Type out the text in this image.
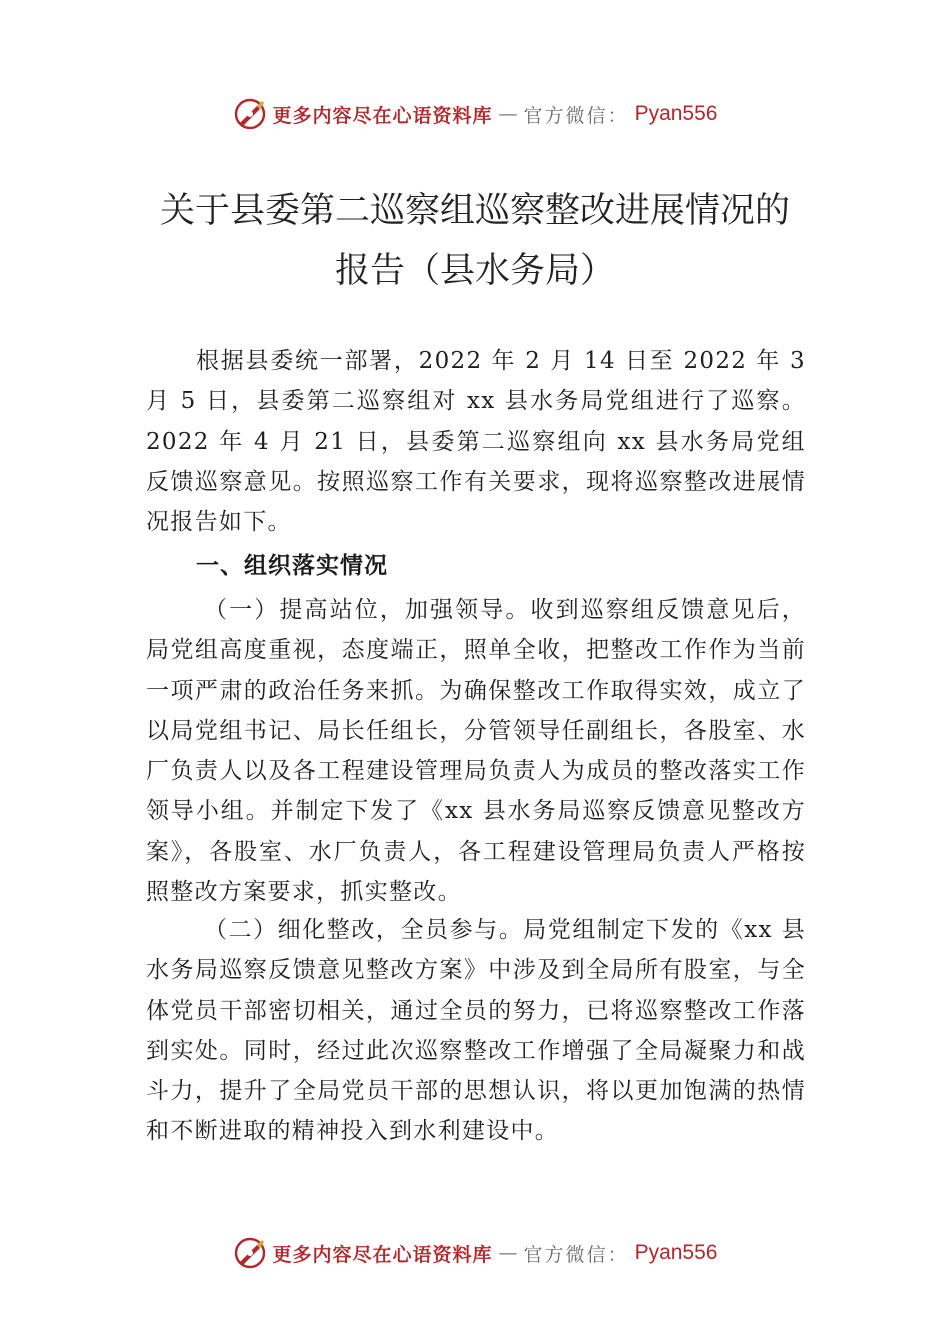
更多内容尽在心语资料库 — 官方微信： Pyan556
关于县委第二巡察组巡察整改进展情况的
报告（县水务局）

根据县委统一部署，2022 年 2 月 14 日至 2022 年 3 月 5 日，县委第二巡察组对 xx 县水务局党组进行了巡察。2022 年 4 月 21 日，县委第二巡察组向 xx 县水务局党组反馈巡察意见。按照巡察工作有关要求，现将巡察整改进展情况报告如下。

一、组织落实情况

（一）提高站位，加强领导。收到巡察组反馈意见后，局党组高度重视，态度端正，照单全收，把整改工作作为当前一项严肃的政治任务来抓。为确保整改工作取得实效，成立了以局党组书记、局长任组长，分管领导任副组长，各股室、水厂负责人以及各工程建设管理局负责人为成员的整改落实工作领导小组。并制定下发了《xx 县水务局巡察反馈意见整改方案》，各股室、水厂负责人，各工程建设管理局负责人严格按照整改方案要求，抓实整改。

（二）细化整改，全员参与。局党组制定下发的《xx 县水务局巡察反馈意见整改方案》中涉及到全局所有股室，与全体党员干部密切相关，通过全员的努力，已将巡察整改工作落到实处。同时，经过此次巡察整改工作增强了全局凝聚力和战斗力，提升了全局党员干部的思想认识，将以更加饱满的热情和不断进取的精神投入到水利建设中。

更多内容尽在心语资料库 — 官方微信： Pyan556
